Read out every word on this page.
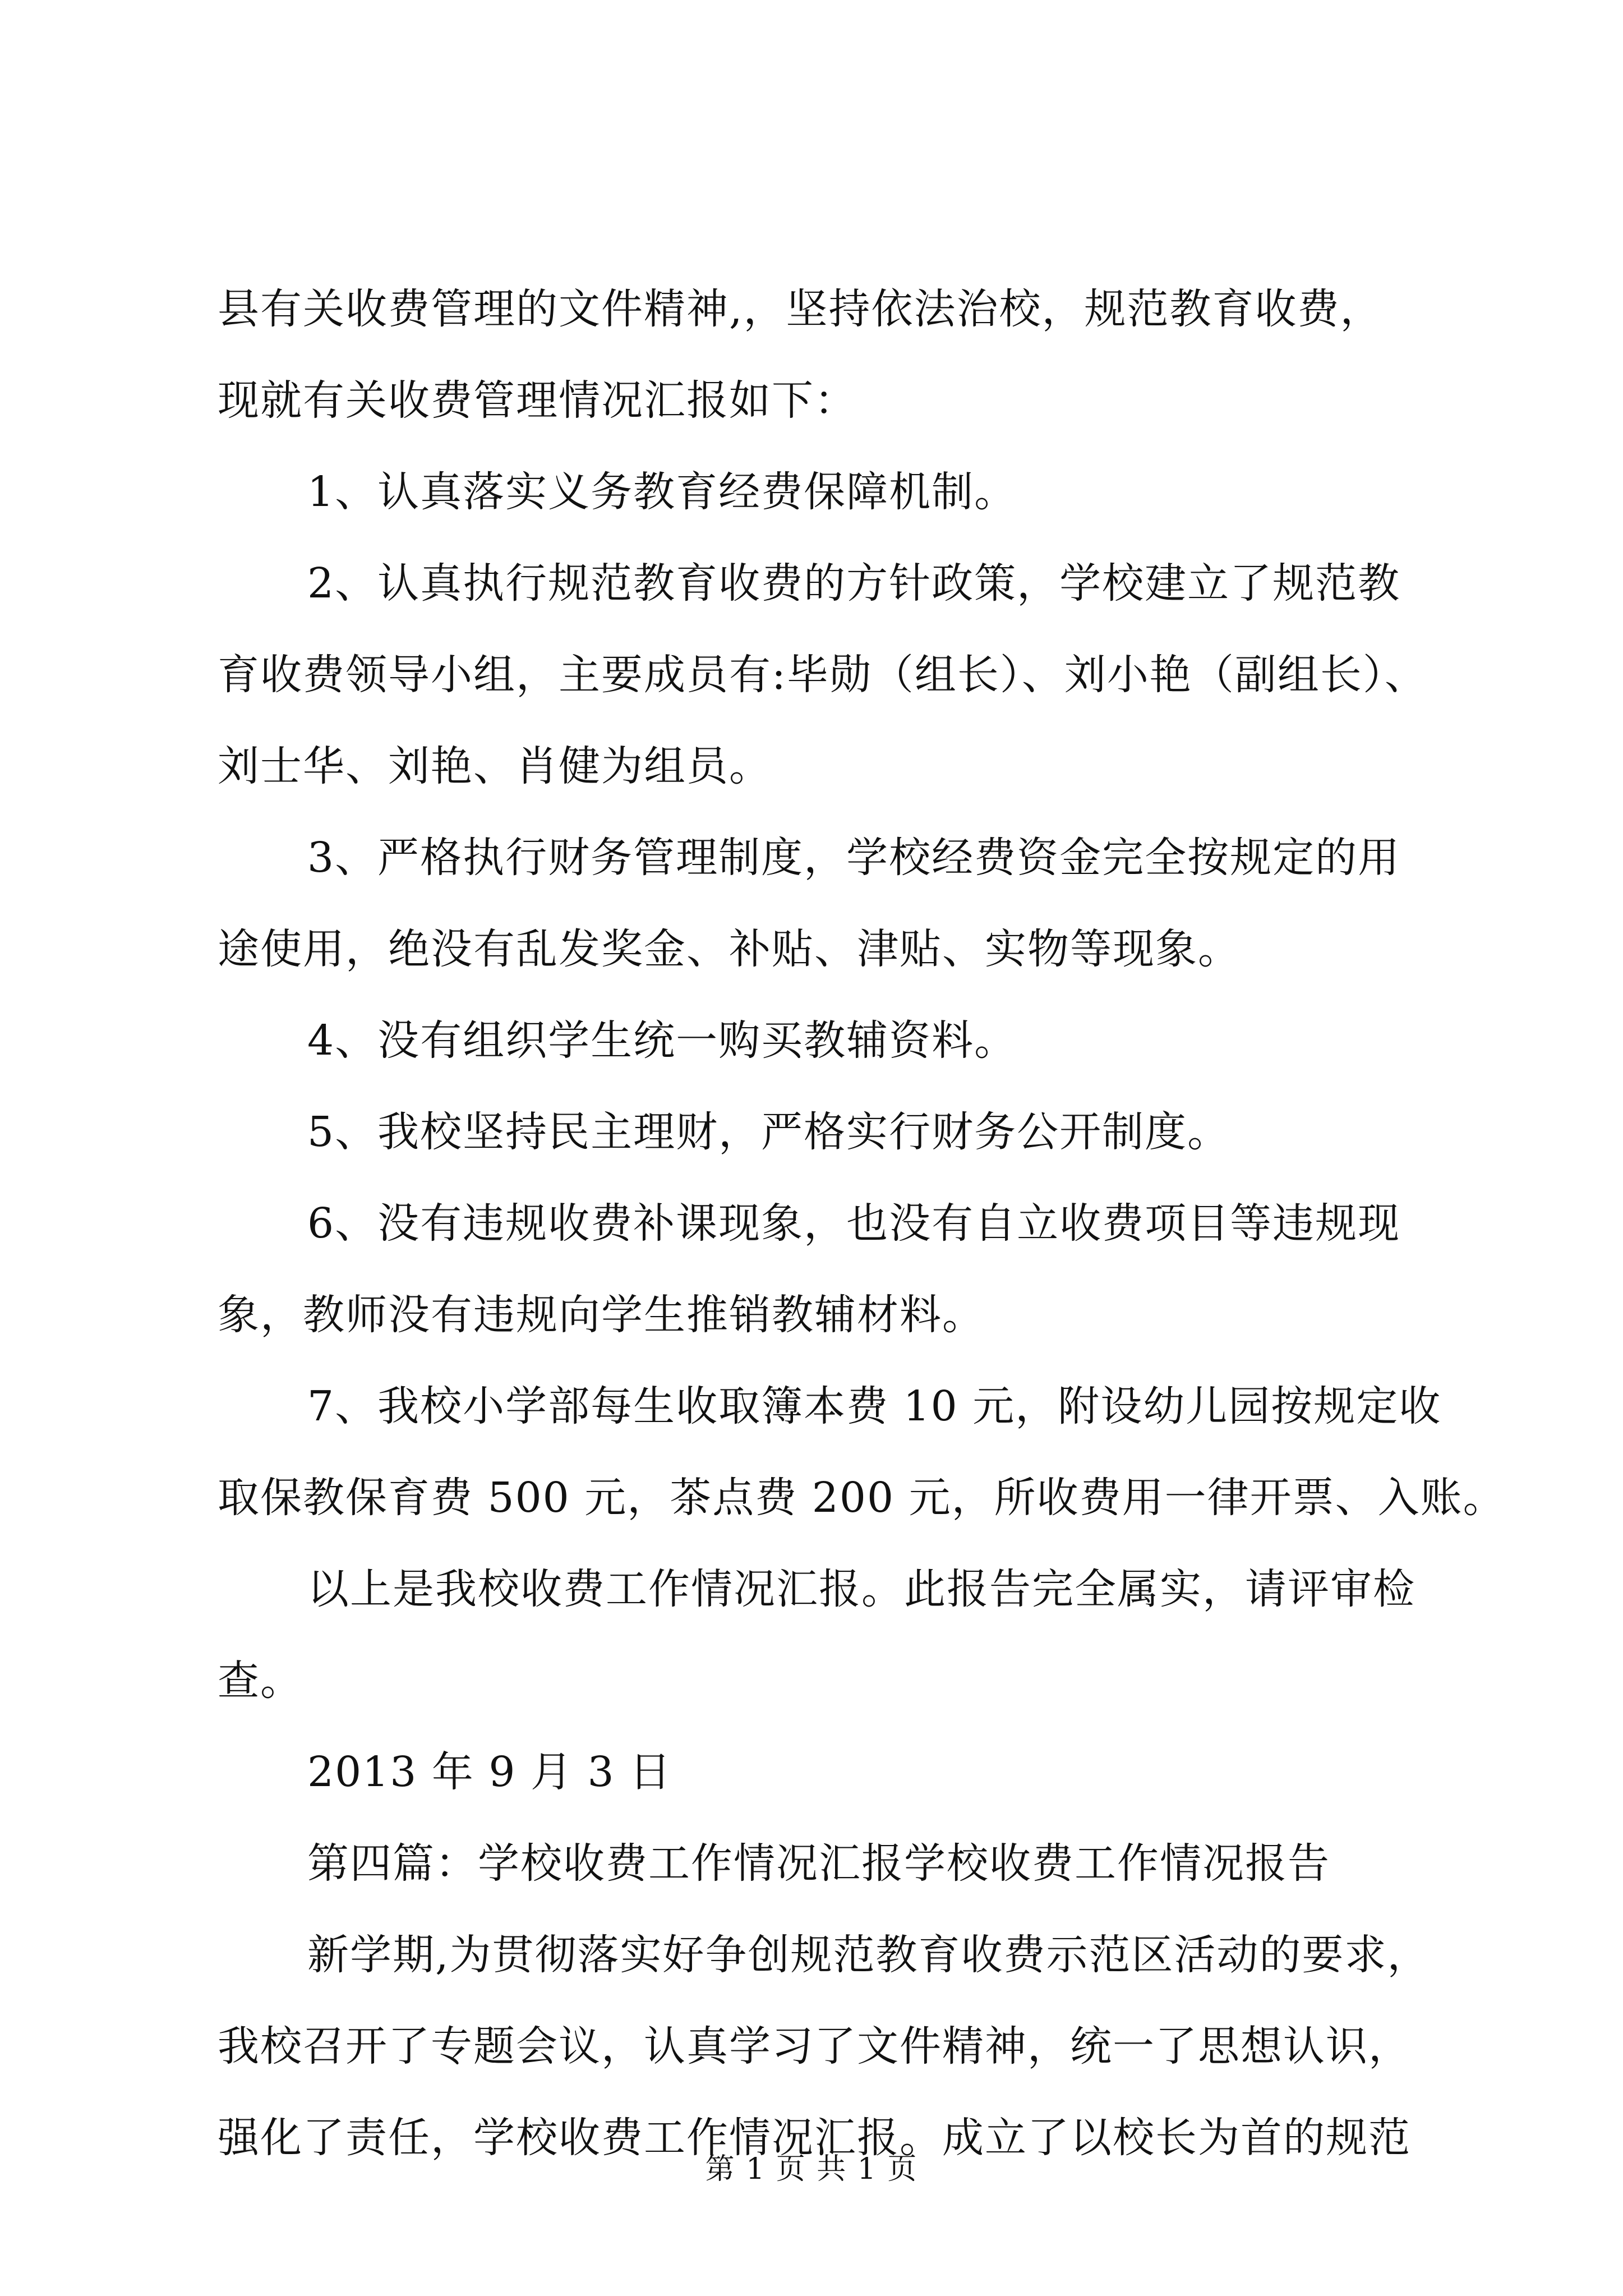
县有关收费管理的文件精神,，坚持依法治校，规范教育收费，
现就有关收费管理情况汇报如下：
1、认真落实义务教育经费保障机制。
2、认真执行规范教育收费的方针政策，学校建立了规范教
育收费领导小组，主要成员有:毕勋（组长）、刘小艳（副组长）、
刘士华、刘艳、肖健为组员。
3、严格执行财务管理制度，学校经费资金完全按规定的用
途使用，绝没有乱发奖金、补贴、津贴、实物等现象。
4、没有组织学生统一购买教辅资料。
5、我校坚持民主理财，严格实行财务公开制度。
6、没有违规收费补课现象，也没有自立收费项目等违规现
象，教师没有违规向学生推销教辅材料。
7、我校小学部每生收取簿本费 10 元，附设幼儿园按规定收
取保教保育费 500 元，茶点费 200 元，所收费用一律开票、入账。
以上是我校收费工作情况汇报。此报告完全属实，请评审检
查。
2013 年 9 月 3 日
第四篇：学校收费工作情况汇报学校收费工作情况报告
新学期,为贯彻落实好争创规范教育收费示范区活动的要求，
我校召开了专题会议，认真学习了文件精神，统一了思想认识，
强化了责任，学校收费工作情况汇报。成立了以校长为首的规范
第 1 页 共 1 页
